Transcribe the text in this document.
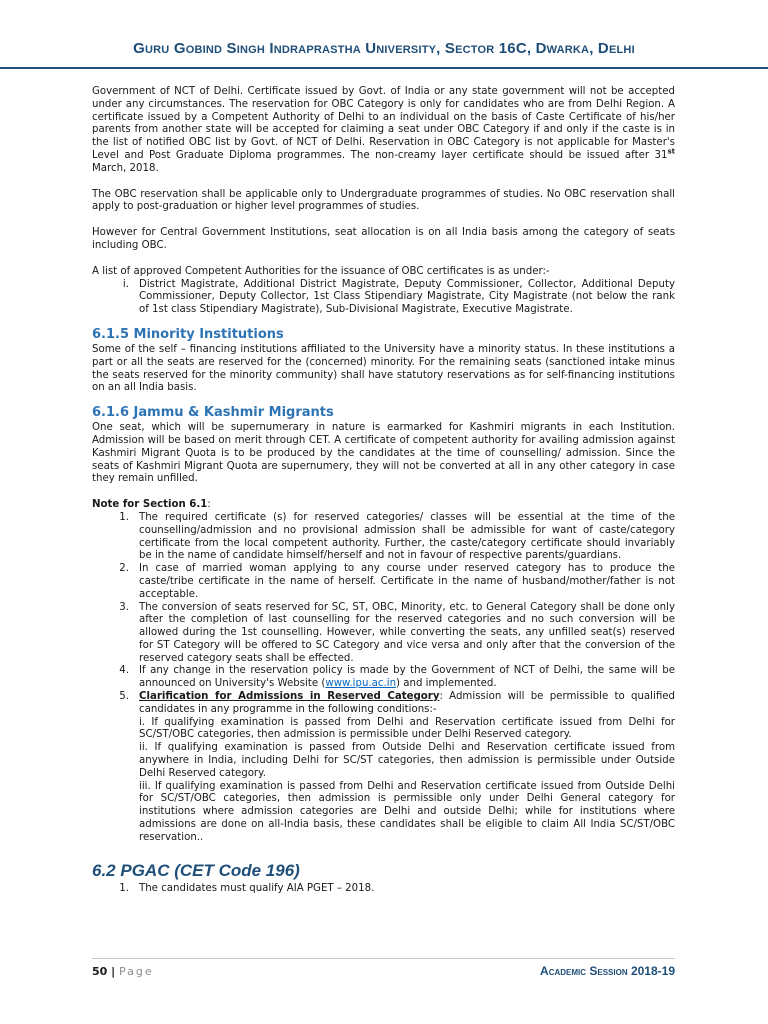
Guru Gobind Singh Indraprastha University, Sector 16C, Dwarka, Delhi

Government of NCT of Delhi. Certificate issued by Govt. of India or any state government will not be accepted under any circumstances. The reservation for OBC Category is only for candidates who are from Delhi Region. A certificate issued by a Competent Authority of Delhi to an individual on the basis of Caste Certificate of his/her parents from another state will be accepted for claiming a seat under OBC Category if and only if the caste is in the list of notified OBC list by Govt. of NCT of Delhi. Reservation in OBC Category is not applicable for Master's Level and Post Graduate Diploma programmes. The non-creamy layer certificate should be issued after 31st March, 2018.

The OBC reservation shall be applicable only to Undergraduate programmes of studies. No OBC reservation shall apply to post-graduation or higher level programmes of studies.

However for Central Government Institutions, seat allocation is on all India basis among the category of seats including OBC.

A list of approved Competent Authorities for the issuance of OBC certificates is as under:-

i. District Magistrate, Additional District Magistrate, Deputy Commissioner, Collector, Additional Deputy Commissioner, Deputy Collector, 1st Class Stipendiary Magistrate, City Magistrate (not below the rank of 1st class Stipendiary Magistrate), Sub-Divisional Magistrate, Executive Magistrate.
6.1.5 Minority Institutions

Some of the self – financing institutions affiliated to the University have a minority status. In these institutions a part or all the seats are reserved for the (concerned) minority. For the remaining seats (sanctioned intake minus the seats reserved for the minority community) shall have statutory reservations as for self-financing institutions on an all India basis.

6.1.6 Jammu & Kashmir Migrants

One seat, which will be supernumerary in nature is earmarked for Kashmiri migrants in each Institution. Admission will be based on merit through CET. A certificate of competent authority for availing admission against Kashmiri Migrant Quota is to be produced by the candidates at the time of counselling/ admission. Since the seats of Kashmiri Migrant Quota are supernumery, they will not be converted at all in any other category in case they remain unfilled.

Note for Section 6.1:

1. The required certificate (s) for reserved categories/ classes will be essential at the time of the counselling/admission and no provisional admission shall be admissible for want of caste/category certificate from the local competent authority. Further, the caste/category certificate should invariably be in the name of candidate himself/herself and not in favour of respective parents/guardians.
2. In case of married woman applying to any course under reserved category has to produce the caste/tribe certificate in the name of herself. Certificate in the name of husband/mother/father is not acceptable.
3. The conversion of seats reserved for SC, ST, OBC, Minority, etc. to General Category shall be done only after the completion of last counselling for the reserved categories and no such conversion will be allowed during the 1st counselling. However, while converting the seats, any unfilled seat(s) reserved for ST Category will be offered to SC Category and vice versa and only after that the conversion of the reserved category seats shall be effected.
4. If any change in the reservation policy is made by the Government of NCT of Delhi, the same will be announced on University's Website (www.ipu.ac.in) and implemented.
5. Clarification for Admissions in Reserved Category: Admission will be permissible to qualified candidates in any programme in the following conditions:-
i. If qualifying examination is passed from Delhi and Reservation certificate issued from Delhi for SC/ST/OBC categories, then admission is permissible under Delhi Reserved category.
ii. If qualifying examination is passed from Outside Delhi and Reservation certificate issued from anywhere in India, including Delhi for SC/ST categories, then admission is permissible under Outside Delhi Reserved category.
iii. If qualifying examination is passed from Delhi and Reservation certificate issued from Outside Delhi for SC/ST/OBC categories, then admission is permissible only under Delhi General category for institutions where admission categories are Delhi and outside Delhi; while for institutions where admissions are done on all-India basis, these candidates shall be eligible to claim All India SC/ST/OBC reservation..
6.2 PGAC (CET Code 196)
1. The candidates must qualify AIA PGET – 2018.
50 | Page	Academic Session 2018-19
